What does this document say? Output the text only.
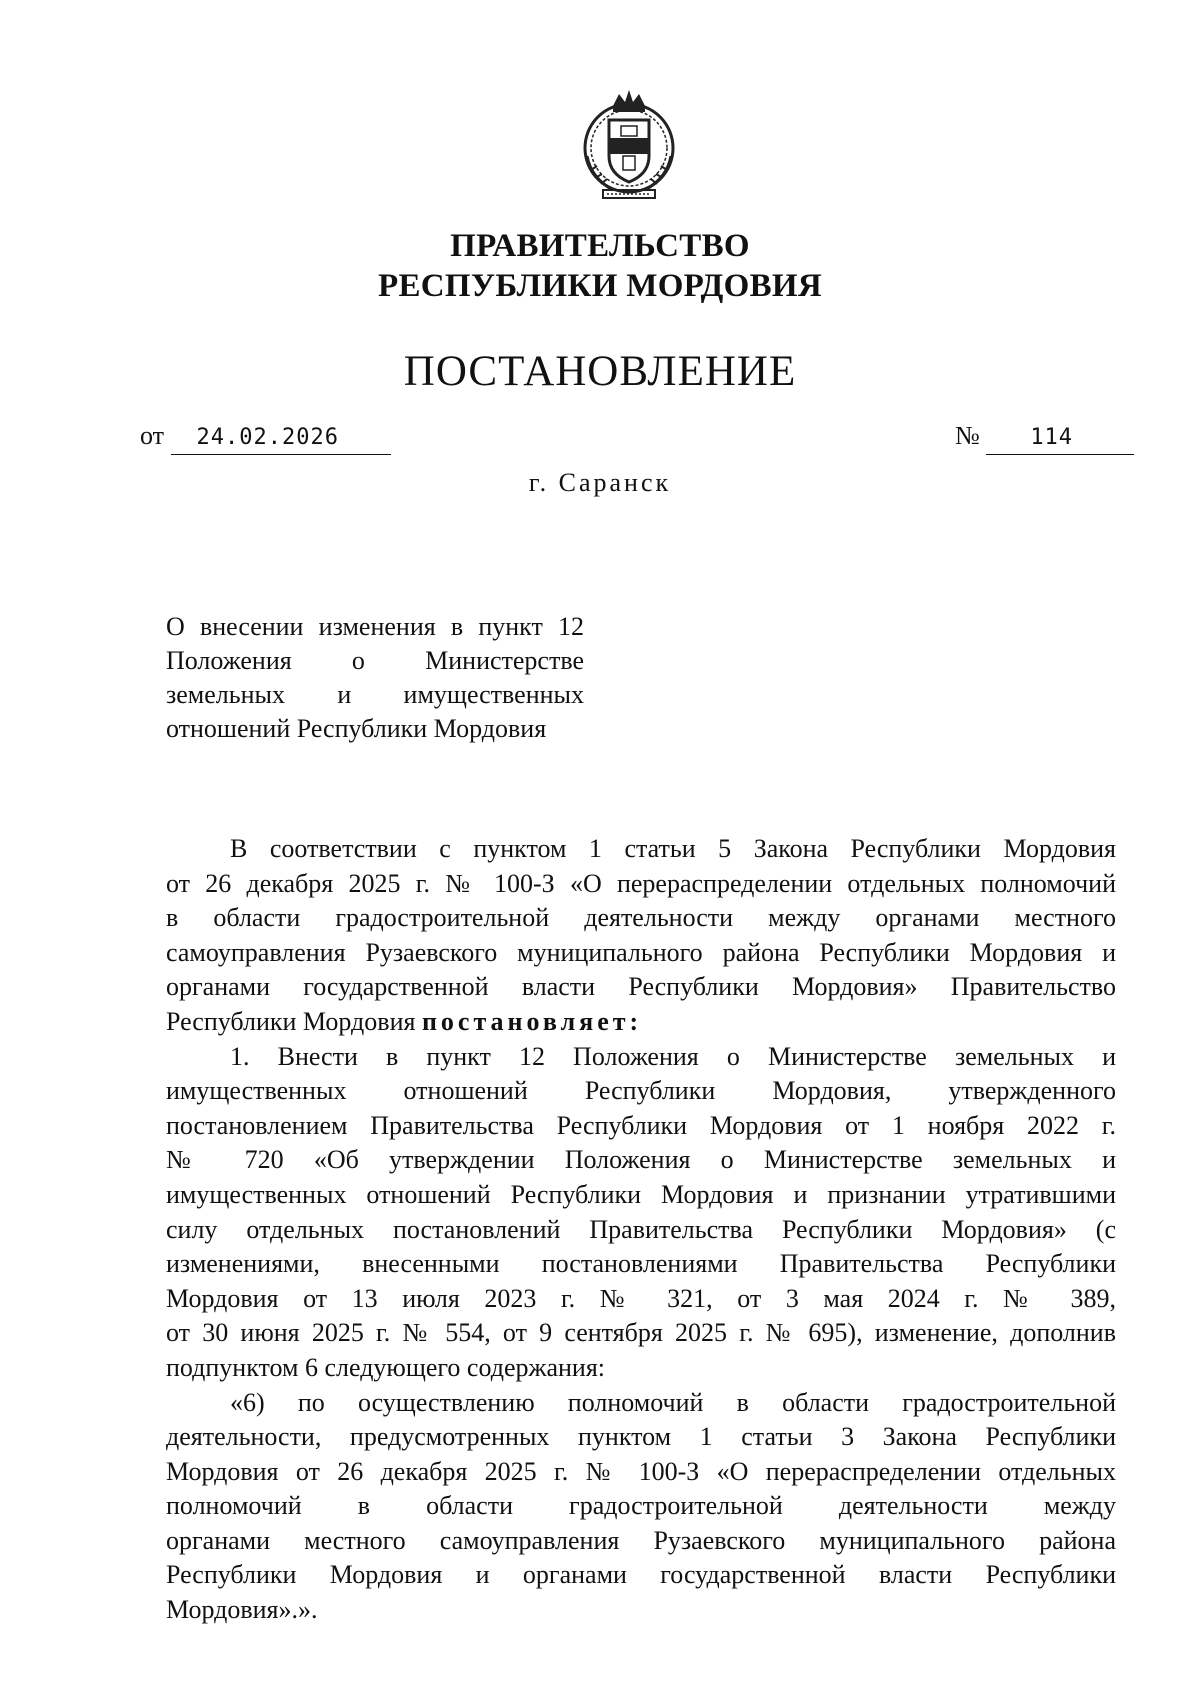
ПРАВИТЕЛЬСТВО
РЕСПУБЛИКИ МОРДОВИЯ
ПОСТАНОВЛЕНИЕ
от 24.02.2026	№ 114
г. Саранск
О внесении изменения в пункт 12
Положения о Министерстве
земельных и имущественных
отношений Республики Мордовия
В соответствии с пунктом 1 статьи 5 Закона Республики Мордовия
от 26 декабря 2025 г. № 100-З «О перераспределении отдельных полномочий
в области градостроительной деятельности между органами местного
самоуправления Рузаевского муниципального района Республики Мордовия и
органами государственной власти Республики Мордовия» Правительство
Республики Мордовия постановляет:
1. Внести в пункт 12 Положения о Министерстве земельных и
имущественных отношений Республики Мордовия, утвержденного
постановлением Правительства Республики Мордовия от 1 ноября 2022 г.
№ 720 «Об утверждении Положения о Министерстве земельных и
имущественных отношений Республики Мордовия и признании утратившими
силу отдельных постановлений Правительства Республики Мордовия» (с
изменениями, внесенными постановлениями Правительства Республики
Мордовия от 13 июля 2023 г. № 321, от 3 мая 2024 г. № 389,
от 30 июня 2025 г. № 554, от 9 сентября 2025 г. № 695), изменение, дополнив
подпунктом 6 следующего содержания:
«6) по осуществлению полномочий в области градостроительной
деятельности, предусмотренных пунктом 1 статьи 3 Закона Республики
Мордовия от 26 декабря 2025 г. № 100-З «О перераспределении отдельных
полномочий в области градостроительной деятельности между
органами местного самоуправления Рузаевского муниципального района
Республики Мордовия и органами государственной власти Республики
Мордовия».».
